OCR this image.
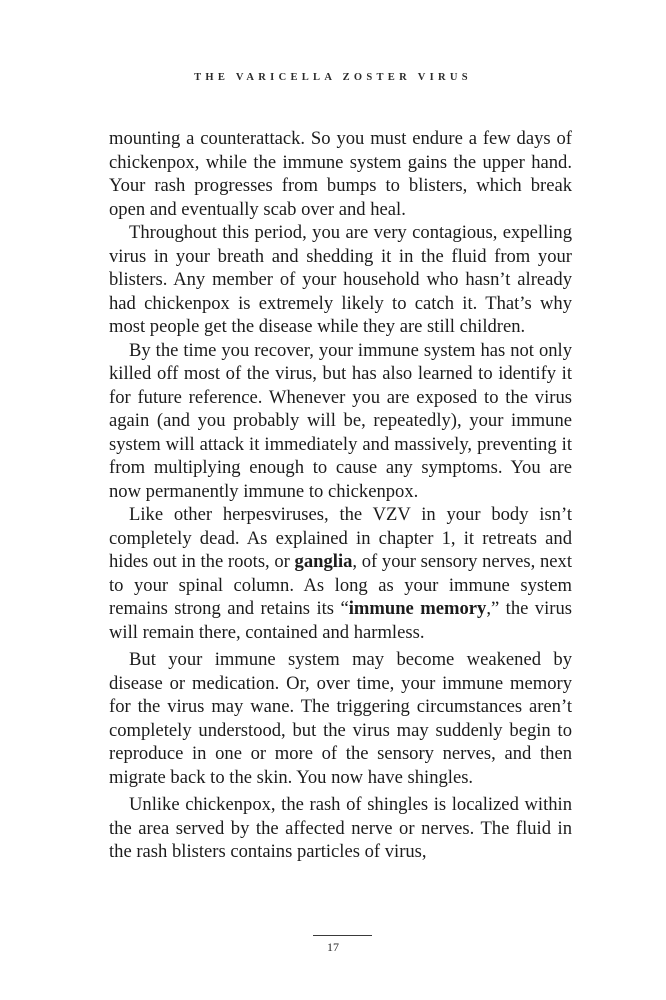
THE VARICELLA ZOSTER VIRUS

mounting a counterattack. So you must endure a few days of chickenpox, while the immune system gains the upper hand. Your rash progresses from bumps to blisters, which break open and eventually scab over and heal.

Throughout this period, you are very contagious, expelling virus in your breath and shedding it in the fluid from your blisters. Any member of your household who hasn’t already had chickenpox is extremely likely to catch it. That’s why most people get the disease while they are still children.

By the time you recover, your immune system has not only killed off most of the virus, but has also learned to identify it for future reference. Whenever you are exposed to the virus again (and you probably will be, repeatedly), your immune system will attack it immediately and massively, preventing it from multiplying enough to cause any symptoms. You are now permanently immune to chickenpox.

Like other herpesviruses, the VZV in your body isn’t completely dead. As explained in chapter 1, it retreats and hides out in the roots, or ganglia, of your sensory nerves, next to your spinal column. As long as your immune system remains strong and retains its “immune memory,” the virus will remain there, contained and harmless.

But your immune system may become weakened by disease or medication. Or, over time, your immune memory for the virus may wane. The triggering circumstances aren’t completely understood, but the virus may suddenly begin to reproduce in one or more of the sensory nerves, and then migrate back to the skin. You now have shingles.

Unlike chickenpox, the rash of shingles is localized within the area served by the affected nerve or nerves. The fluid in the rash blisters contains particles of virus,

17
